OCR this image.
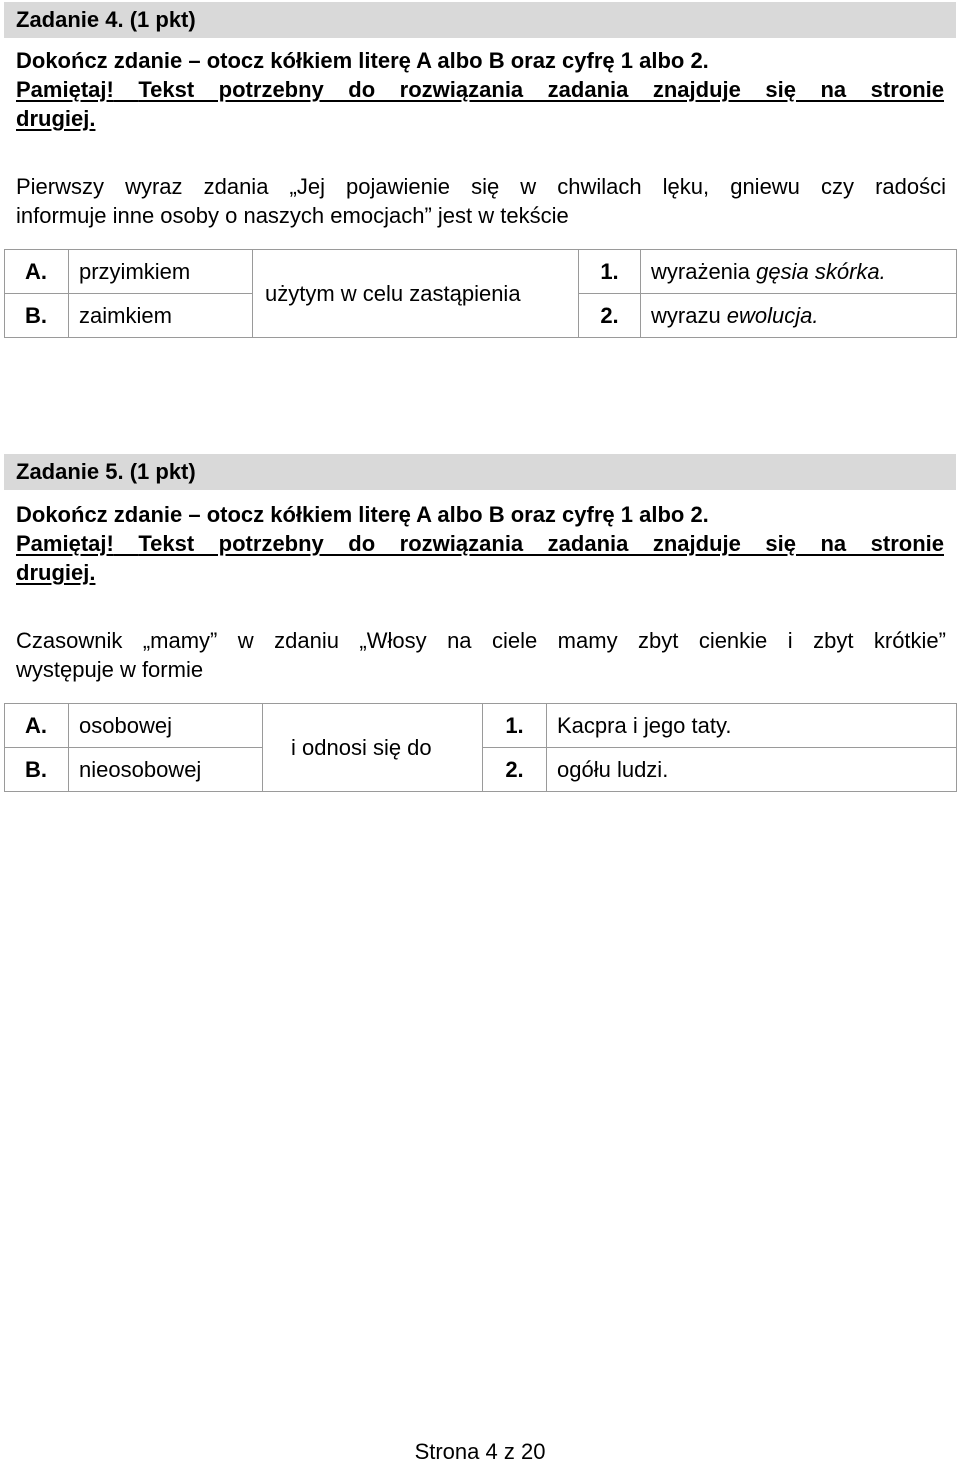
Zadanie 4. (1 pkt)
Dokończ zdanie – otocz kółkiem literę A albo B oraz cyfrę 1 albo 2.
Pamiętaj! Tekst potrzebny do rozwiązania zadania znajduje się na stronie
drugiej.
Pierwszy wyraz zdania „Jej pojawienie się w chwilach lęku, gniewu czy radości
informuje inne osoby o naszych emocjach” jest w tekście
A.	przyimkiem	użytym w celu zastąpienia	1.	wyrażenia gęsia skórka.
B.	zaimkiem		2.	wyrazu ewolucja.
Zadanie 5. (1 pkt)
Dokończ zdanie – otocz kółkiem literę A albo B oraz cyfrę 1 albo 2.
Pamiętaj! Tekst potrzebny do rozwiązania zadania znajduje się na stronie
drugiej.
Czasownik „mamy” w zdaniu „Włosy na ciele mamy zbyt cienkie i zbyt krótkie”
występuje w formie
A.	osobowej	i odnosi się do	1.	Kacpra i jego taty.
B.	nieosobowej		2.	ogółu ludzi.
Strona 4 z 20
